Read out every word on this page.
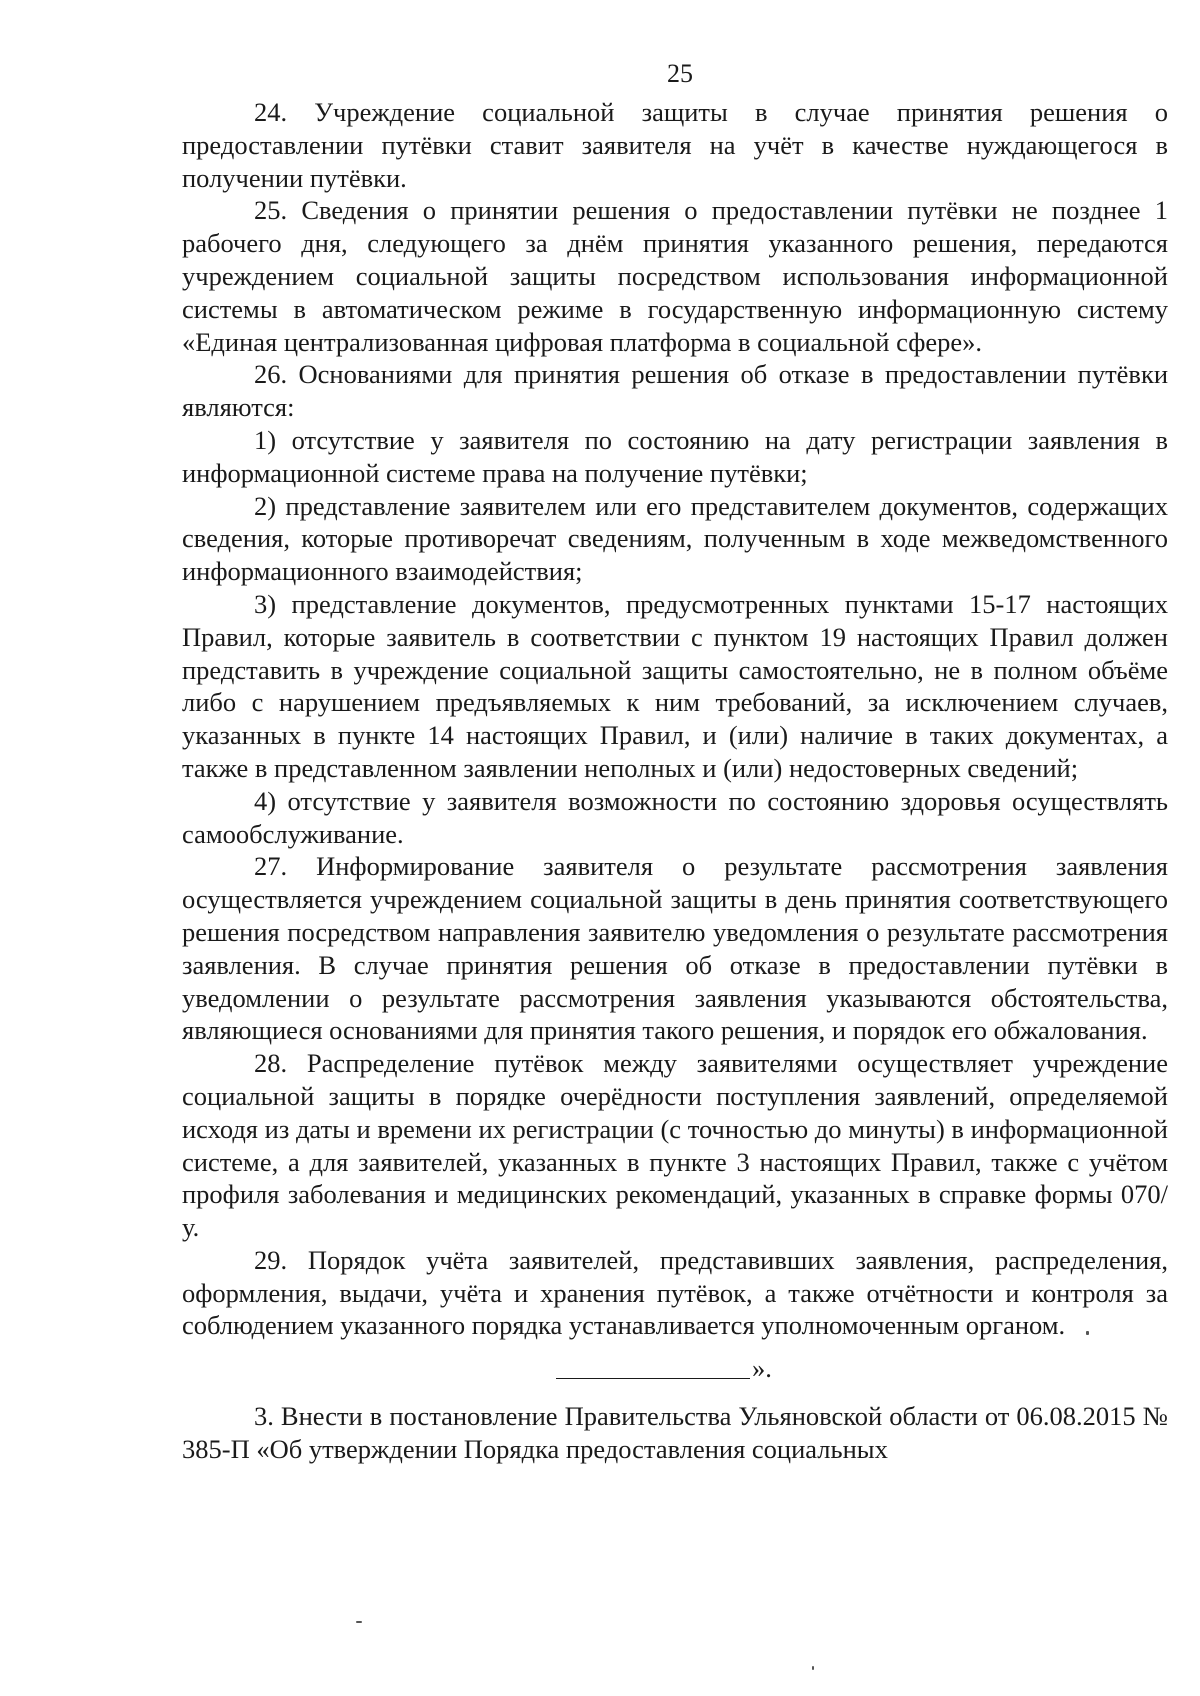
25

24. Учреждение социальной защиты в случае принятия решения о предоставлении путёвки ставит заявителя на учёт в качестве нуждающегося в получении путёвки.

25. Сведения о принятии решения о предоставлении путёвки не позднее 1 рабочего дня, следующего за днём принятия указанного решения, передаются учреждением социальной защиты посредством использования информационной системы в автоматическом режиме в государственную информационную систему «Единая централизованная цифровая платформа в социальной сфере».

26. Основаниями для принятия решения об отказе в предоставлении путёвки являются:

1) отсутствие у заявителя по состоянию на дату регистрации заявления в информационной системе права на получение путёвки;

2) представление заявителем или его представителем документов, содержащих сведения, которые противоречат сведениям, полученным в ходе межведомственного информационного взаимодействия;

3) представление документов, предусмотренных пунктами 15-17 настоящих Правил, которые заявитель в соответствии с пунктом 19 настоящих Правил должен представить в учреждение социальной защиты самостоятельно, не в полном объёме либо с нарушением предъявляемых к ним требований, за исключением случаев, указанных в пункте 14 настоящих Правил, и (или) наличие в таких документах, а также в представленном заявлении неполных и (или) недостоверных сведений;

4) отсутствие у заявителя возможности по состоянию здоровья осуществлять самообслуживание.

27. Информирование заявителя о результате рассмотрения заявления осуществляется учреждением социальной защиты в день принятия соответствующего решения посредством направления заявителю уведомления о результате рассмотрения заявления. В случае принятия решения об отказе в предоставлении путёвки в уведомлении о результате рассмотрения заявления указываются обстоятельства, являющиеся основаниями для принятия такого решения, и порядок его обжалования.

28. Распределение путёвок между заявителями осуществляет учреждение социальной защиты в порядке очерёдности поступления заявлений, определяемой исходя из даты и времени их регистрации (с точностью до минуты) в информационной системе, а для заявителей, указанных в пункте 3 настоящих Правил, также с учётом профиля заболевания и медицинских рекомендаций, указанных в справке формы 070/у.

29. Порядок учёта заявителей, представивших заявления, распределения, оформления, выдачи, учёта и хранения путёвок, а также отчётности и контроля за соблюдением указанного порядка устанавливается уполномоченным органом.

».

3. Внести в постановление Правительства Ульяновской области от 06.08.2015 № 385-П «Об утверждении Порядка предоставления социальных
